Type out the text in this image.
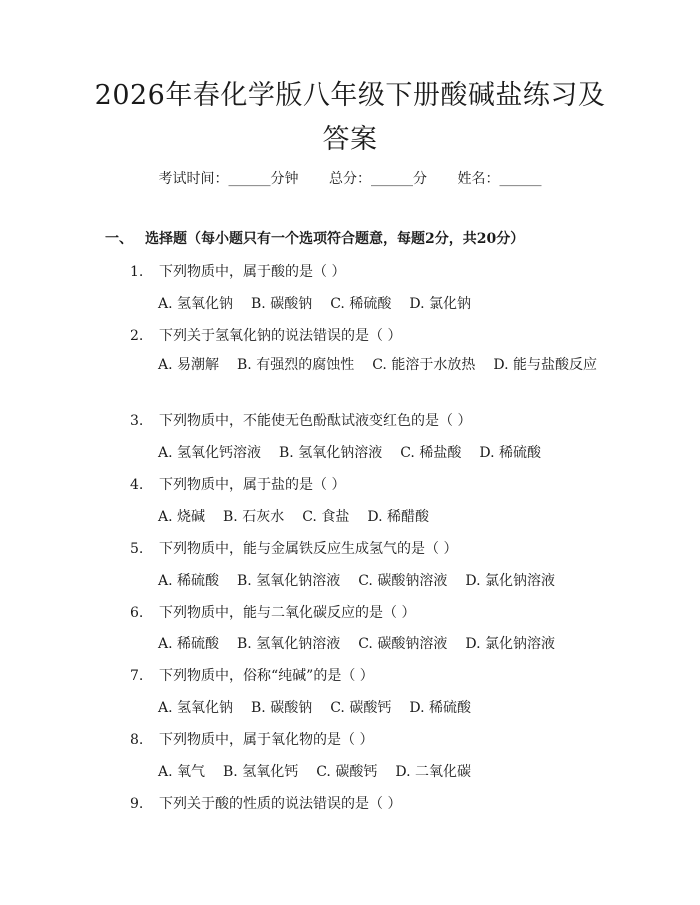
2026年春化学版八年级下册酸碱盐练习及答案
考试时间：______分钟 总分：______分 姓名：______
一、 选择题（每小题只有一个选项符合题意，每题2分，共20分）
1. 下列物质中，属于酸的是（ ）
A. 氢氧化钠 B. 碳酸钠 C. 稀硫酸 D. 氯化钠
2. 下列关于氢氧化钠的说法错误的是（ ）
A. 易潮解 B. 有强烈的腐蚀性 C. 能溶于水放热 D. 能与盐酸反应
3. 下列物质中，不能使无色酚酞试液变红色的是（ ）
A. 氢氧化钙溶液 B. 氢氧化钠溶液 C. 稀盐酸 D. 稀硫酸
4. 下列物质中，属于盐的是（ ）
A. 烧碱 B. 石灰水 C. 食盐 D. 稀醋酸
5. 下列物质中，能与金属铁反应生成氢气的是（ ）
A. 稀硫酸 B. 氢氧化钠溶液 C. 碳酸钠溶液 D. 氯化钠溶液
6. 下列物质中，能与二氧化碳反应的是（ ）
A. 稀硫酸 B. 氢氧化钠溶液 C. 碳酸钠溶液 D. 氯化钠溶液
7. 下列物质中，俗称“纯碱”的是（ ）
A. 氢氧化钠 B. 碳酸钠 C. 碳酸钙 D. 稀硫酸
8. 下列物质中，属于氧化物的是（ ）
A. 氧气 B. 氢氧化钙 C. 碳酸钙 D. 二氧化碳
9. 下列关于酸的性质的说法错误的是（ ）
